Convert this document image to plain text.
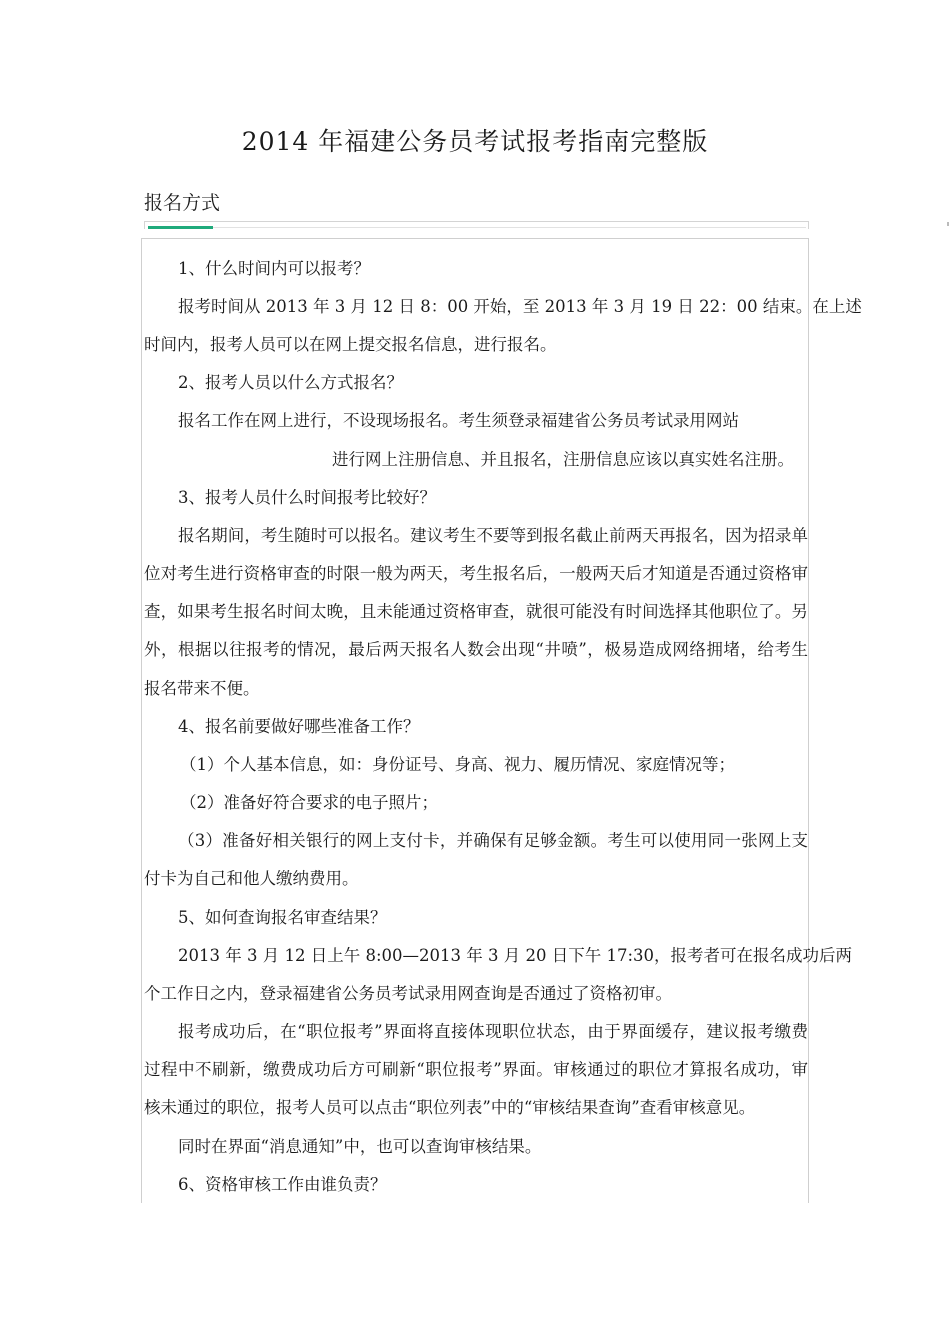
2014 年福建公务员考试报考指南完整版
报名方式
1、什么时间内可以报考？
报考时间从 2013 年 3 月 12 日 8：00 开始，至 2013 年 3 月 19 日 22：00 结束。在上述
时间内，报考人员可以在网上提交报名信息，进行报名。
2、报考人员以什么方式报名？
报名工作在网上进行，不设现场报名。考生须登录福建省公务员考试录用网站
进行网上注册信息、并且报名，注册信息应该以真实姓名注册。
3、报考人员什么时间报考比较好？
报名期间，考生随时可以报名。建议考生不要等到报名截止前两天再报名，因为招录单
位对考生进行资格审查的时限一般为两天，考生报名后，一般两天后才知道是否通过资格审
查，如果考生报名时间太晚，且未能通过资格审查，就很可能没有时间选择其他职位了。另
外，根据以往报考的情况，最后两天报名人数会出现“井喷”，极易造成网络拥堵，给考生
报名带来不便。
4、报名前要做好哪些准备工作？
（1）个人基本信息，如：身份证号、身高、视力、履历情况、家庭情况等；
（2）准备好符合要求的电子照片；
（3）准备好相关银行的网上支付卡，并确保有足够金额。考生可以使用同一张网上支
付卡为自己和他人缴纳费用。
5、如何查询报名审查结果？
2013 年 3 月 12 日上午 8:00—2013 年 3 月 20 日下午 17:30，报考者可在报名成功后两
个工作日之内，登录福建省公务员考试录用网查询是否通过了资格初审。
报考成功后，在“职位报考”界面将直接体现职位状态，由于界面缓存，建议报考缴费
过程中不刷新，缴费成功后方可刷新“职位报考”界面。审核通过的职位才算报名成功，审
核未通过的职位，报考人员可以点击“职位列表”中的“审核结果查询”查看审核意见。
同时在界面“消息通知”中，也可以查询审核结果。
6、资格审核工作由谁负责？
